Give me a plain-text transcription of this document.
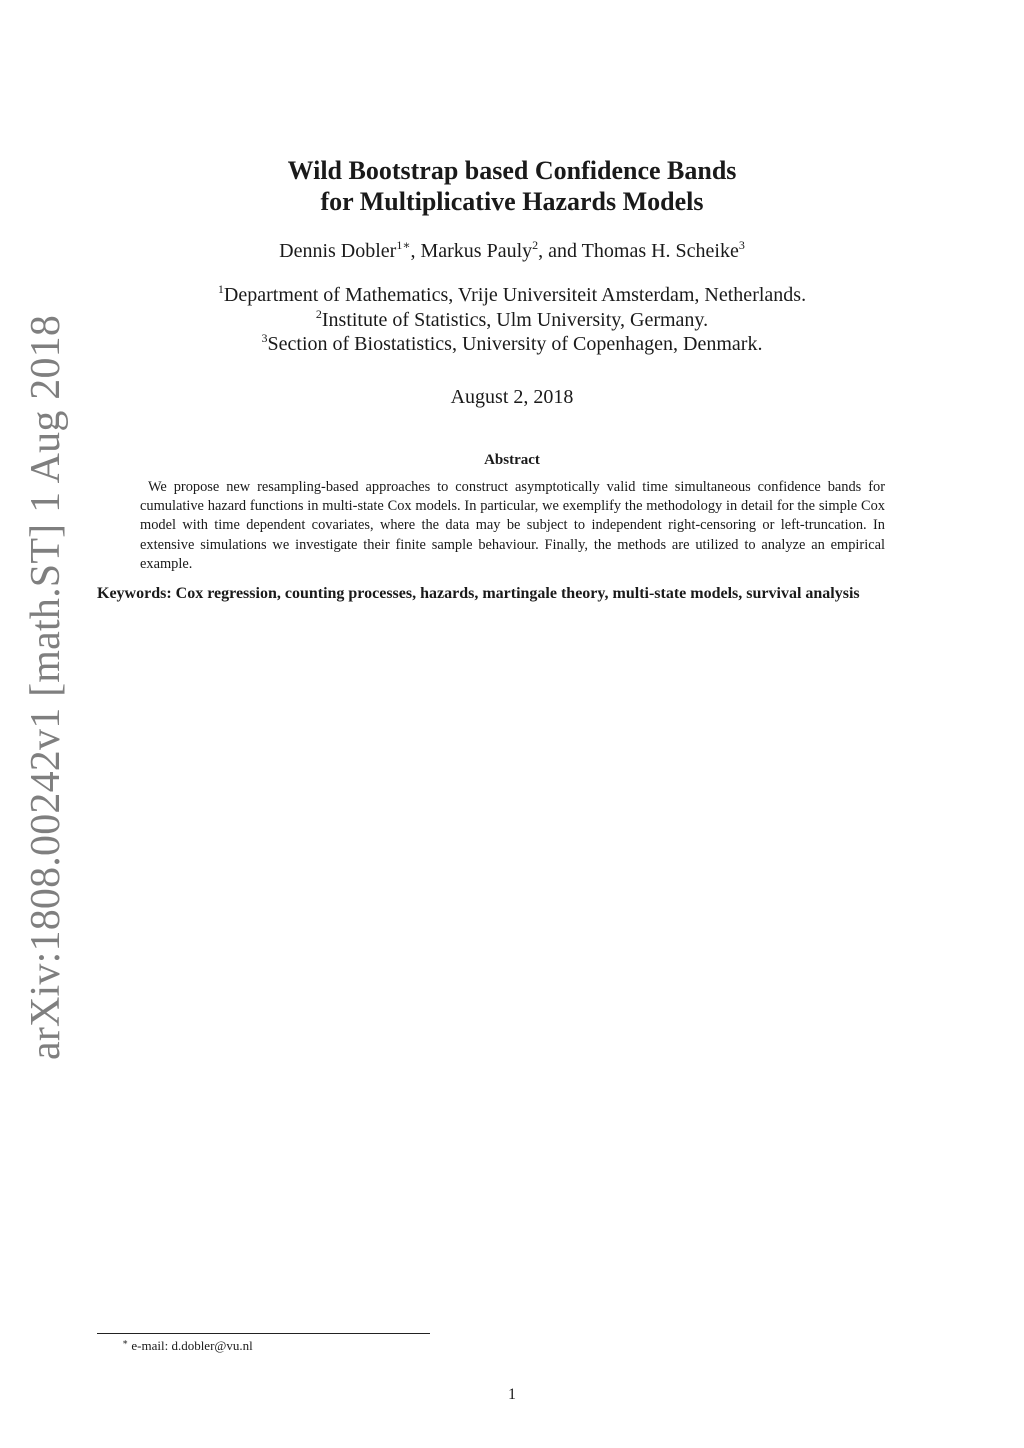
arXiv:1808.00242v1 [math.ST] 1 Aug 2018
Wild Bootstrap based Confidence Bands
for Multiplicative Hazards Models
Dennis Dobler$^{1∗}$, Markus Pauly$^2$, and Thomas H. Scheike$^3$
$^1$Department of Mathematics, Vrije Universiteit Amsterdam, Netherlands.
$^2$Institute of Statistics, Ulm University, Germany.
$^3$Section of Biostatistics, University of Copenhagen, Denmark.
August 2, 2018
Abstract
We propose new resampling-based approaches to construct asymptotically valid time simultaneous confidence bands for cumulative hazard functions in multi-state Cox models. In particular, we exemplify the methodology in detail for the simple Cox model with time dependent covariates, where the data may be subject to independent right-censoring or left-truncation. In extensive simulations we investigate their finite sample behaviour. Finally, the methods are utilized to analyze an empirical example.
Keywords: Cox regression, counting processes, hazards, martingale theory, multi-state models, survival analysis
∗ e-mail: d.dobler@vu.nl
1
